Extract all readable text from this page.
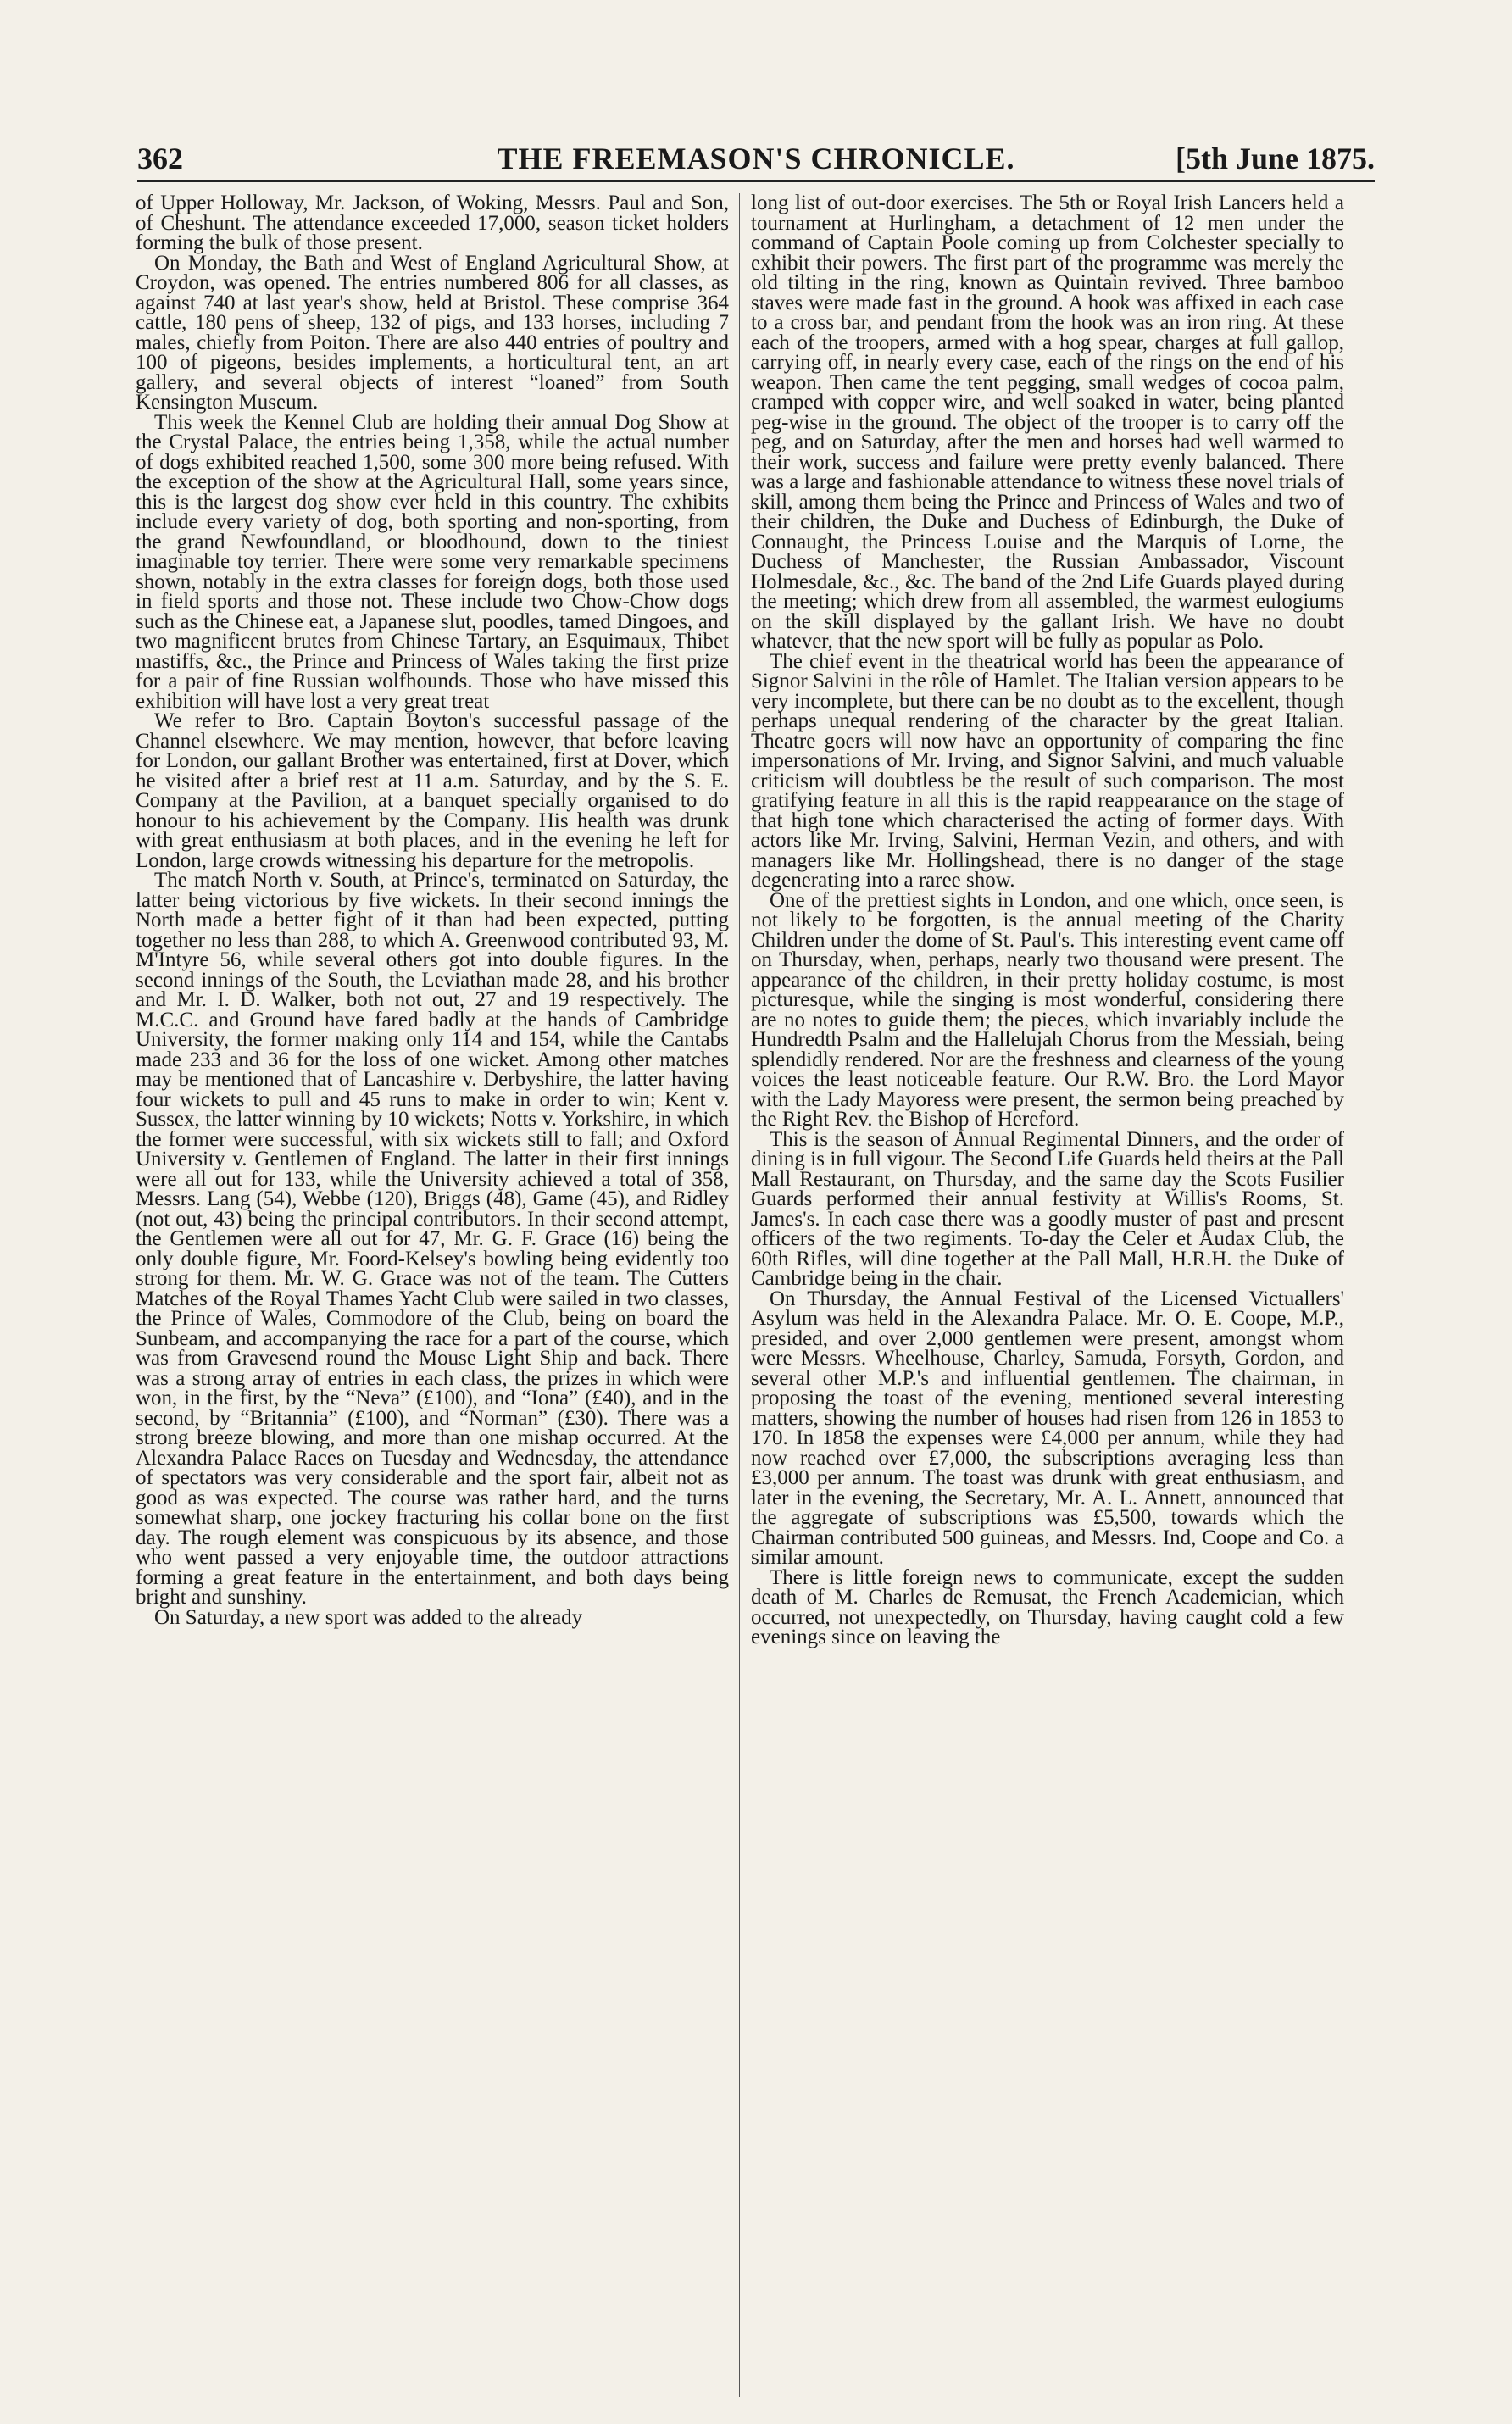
362	THE FREEMASON'S CHRONICLE.	[5th June 1875.

of Upper Holloway, Mr. Jackson, of Woking, Messrs. Paul and Son, of Cheshunt. The attendance exceeded 17,000, season ticket holders forming the bulk of those present.

On Monday, the Bath and West of England Agricultural Show, at Croydon, was opened. The entries numbered 806 for all classes, as against 740 at last year's show, held at Bristol. These comprise 364 cattle, 180 pens of sheep, 132 of pigs, and 133 horses, including 7 males, chiefly from Poiton. There are also 440 entries of poultry and 100 of pigeons, besides implements, a horticultural tent, an art gallery, and several objects of interest “loaned” from South Kensington Museum.

This week the Kennel Club are holding their annual Dog Show at the Crystal Palace, the entries being 1,358, while the actual number of dogs exhibited reached 1,500, some 300 more being refused. With the exception of the show at the Agricultural Hall, some years since, this is the largest dog show ever held in this country. The exhibits include every variety of dog, both sporting and non-sporting, from the grand Newfoundland, or bloodhound, down to the tiniest imaginable toy terrier. There were some very remarkable specimens shown, notably in the extra classes for foreign dogs, both those used in field sports and those not. These include two Chow-Chow dogs such as the Chinese eat, a Japanese slut, poodles, tamed Dingoes, and two magnificent brutes from Chinese Tartary, an Esquimaux, Thibet mastiffs, &c., the Prince and Princess of Wales taking the first prize for a pair of fine Russian wolfhounds. Those who have missed this exhibition will have lost a very great treat

We refer to Bro. Captain Boyton's successful passage of the Channel elsewhere. We may mention, however, that before leaving for London, our gallant Brother was entertained, first at Dover, which he visited after a brief rest at 11 a.m. Saturday, and by the S. E. Company at the Pavilion, at a banquet specially organised to do honour to his achievement by the Company. His health was drunk with great enthusiasm at both places, and in the evening he left for London, large crowds witnessing his departure for the metropolis.

The match North v. South, at Prince's, terminated on Saturday, the latter being victorious by five wickets. In their second innings the North made a better fight of it than had been expected, putting together no less than 288, to which A. Greenwood contributed 93, M. M'Intyre 56, while several others got into double figures. In the second innings of the South, the Leviathan made 28, and his brother and Mr. I. D. Walker, both not out, 27 and 19 respectively. The M.C.C. and Ground have fared badly at the hands of Cambridge University, the former making only 114 and 154, while the Cantabs made 233 and 36 for the loss of one wicket. Among other matches may be mentioned that of Lancashire v. Derbyshire, the latter having four wickets to pull and 45 runs to make in order to win; Kent v. Sussex, the latter winning by 10 wickets; Notts v. Yorkshire, in which the former were successful, with six wickets still to fall; and Oxford University v. Gentlemen of England. The latter in their first innings were all out for 133, while the University achieved a total of 358, Messrs. Lang (54), Webbe (120), Briggs (48), Game (45), and Ridley (not out, 43) being the principal contributors. In their second attempt, the Gentlemen were all out for 47, Mr. G. F. Grace (16) being the only double figure, Mr. Foord-Kelsey's bowling being evidently too strong for them. Mr. W. G. Grace was not of the team. The Cutters Matches of the Royal Thames Yacht Club were sailed in two classes, the Prince of Wales, Commodore of the Club, being on board the Sunbeam, and accompanying the race for a part of the course, which was from Gravesend round the Mouse Light Ship and back. There was a strong array of entries in each class, the prizes in which were won, in the first, by the “Neva” (£100), and “Iona” (£40), and in the second, by “Britannia” (£100), and “Norman” (£30). There was a strong breeze blowing, and more than one mishap occurred. At the Alexandra Palace Races on Tuesday and Wednesday, the attendance of spectators was very considerable and the sport fair, albeit not as good as was expected. The course was rather hard, and the turns somewhat sharp, one jockey fracturing his collar bone on the first day. The rough element was conspicuous by its absence, and those who went passed a very enjoyable time, the outdoor attractions forming a great feature in the entertainment, and both days being bright and sunshiny.

On Saturday, a new sport was added to the already

long list of out-door exercises. The 5th or Royal Irish Lancers held a tournament at Hurlingham, a detachment of 12 men under the command of Captain Poole coming up from Colchester specially to exhibit their powers. The first part of the programme was merely the old tilting in the ring, known as Quintain revived. Three bamboo staves were made fast in the ground. A hook was affixed in each case to a cross bar, and pendant from the hook was an iron ring. At these each of the troopers, armed with a hog spear, charges at full gallop, carrying off, in nearly every case, each of the rings on the end of his weapon. Then came the tent pegging, small wedges of cocoa palm, cramped with copper wire, and well soaked in water, being planted peg-wise in the ground. The object of the trooper is to carry off the peg, and on Saturday, after the men and horses had well warmed to their work, success and failure were pretty evenly balanced. There was a large and fashionable attendance to witness these novel trials of skill, among them being the Prince and Princess of Wales and two of their children, the Duke and Duchess of Edinburgh, the Duke of Connaught, the Princess Louise and the Marquis of Lorne, the Duchess of Manchester, the Russian Ambassador, Viscount Holmesdale, &c., &c. The band of the 2nd Life Guards played during the meeting; which drew from all assembled, the warmest eulogiums on the skill displayed by the gallant Irish. We have no doubt whatever, that the new sport will be fully as popular as Polo.

The chief event in the theatrical world has been the appearance of Signor Salvini in the rôle of Hamlet. The Italian version appears to be very incomplete, but there can be no doubt as to the excellent, though perhaps unequal rendering of the character by the great Italian. Theatre goers will now have an opportunity of comparing the fine impersonations of Mr. Irving, and Signor Salvini, and much valuable criticism will doubtless be the result of such comparison. The most gratifying feature in all this is the rapid reappearance on the stage of that high tone which characterised the acting of former days. With actors like Mr. Irving, Salvini, Herman Vezin, and others, and with managers like Mr. Hollingshead, there is no danger of the stage degenerating into a raree show.

One of the prettiest sights in London, and one which, once seen, is not likely to be forgotten, is the annual meeting of the Charity Children under the dome of St. Paul's. This interesting event came off on Thursday, when, perhaps, nearly two thousand were present. The appearance of the children, in their pretty holiday costume, is most picturesque, while the singing is most wonderful, considering there are no notes to guide them; the pieces, which invariably include the Hundredth Psalm and the Hallelujah Chorus from the Messiah, being splendidly rendered. Nor are the freshness and clearness of the young voices the least noticeable feature. Our R.W. Bro. the Lord Mayor with the Lady Mayoress were present, the sermon being preached by the Right Rev. the Bishop of Hereford.

This is the season of Annual Regimental Dinners, and the order of dining is in full vigour. The Second Life Guards held theirs at the Pall Mall Restaurant, on Thursday, and the same day the Scots Fusilier Guards performed their annual festivity at Willis's Rooms, St. James's. In each case there was a goodly muster of past and present officers of the two regiments. To-day the Celer et Audax Club, the 60th Rifles, will dine together at the Pall Mall, H.R.H. the Duke of Cambridge being in the chair.

On Thursday, the Annual Festival of the Licensed Victuallers' Asylum was held in the Alexandra Palace. Mr. O. E. Coope, M.P., presided, and over 2,000 gentlemen were present, amongst whom were Messrs. Wheelhouse, Charley, Samuda, Forsyth, Gordon, and several other M.P.'s and influential gentlemen. The chairman, in proposing the toast of the evening, mentioned several interesting matters, showing the number of houses had risen from 126 in 1853 to 170. In 1858 the expenses were £4,000 per annum, while they had now reached over £7,000, the subscriptions averaging less than £3,000 per annum. The toast was drunk with great enthusiasm, and later in the evening, the Secretary, Mr. A. L. Annett, announced that the aggregate of subscriptions was £5,500, towards which the Chairman contributed 500 guineas, and Messrs. Ind, Coope and Co. a similar amount.

There is little foreign news to communicate, except the sudden death of M. Charles de Remusat, the French Academician, which occurred, not unexpectedly, on Thursday, having caught cold a few evenings since on leaving the
